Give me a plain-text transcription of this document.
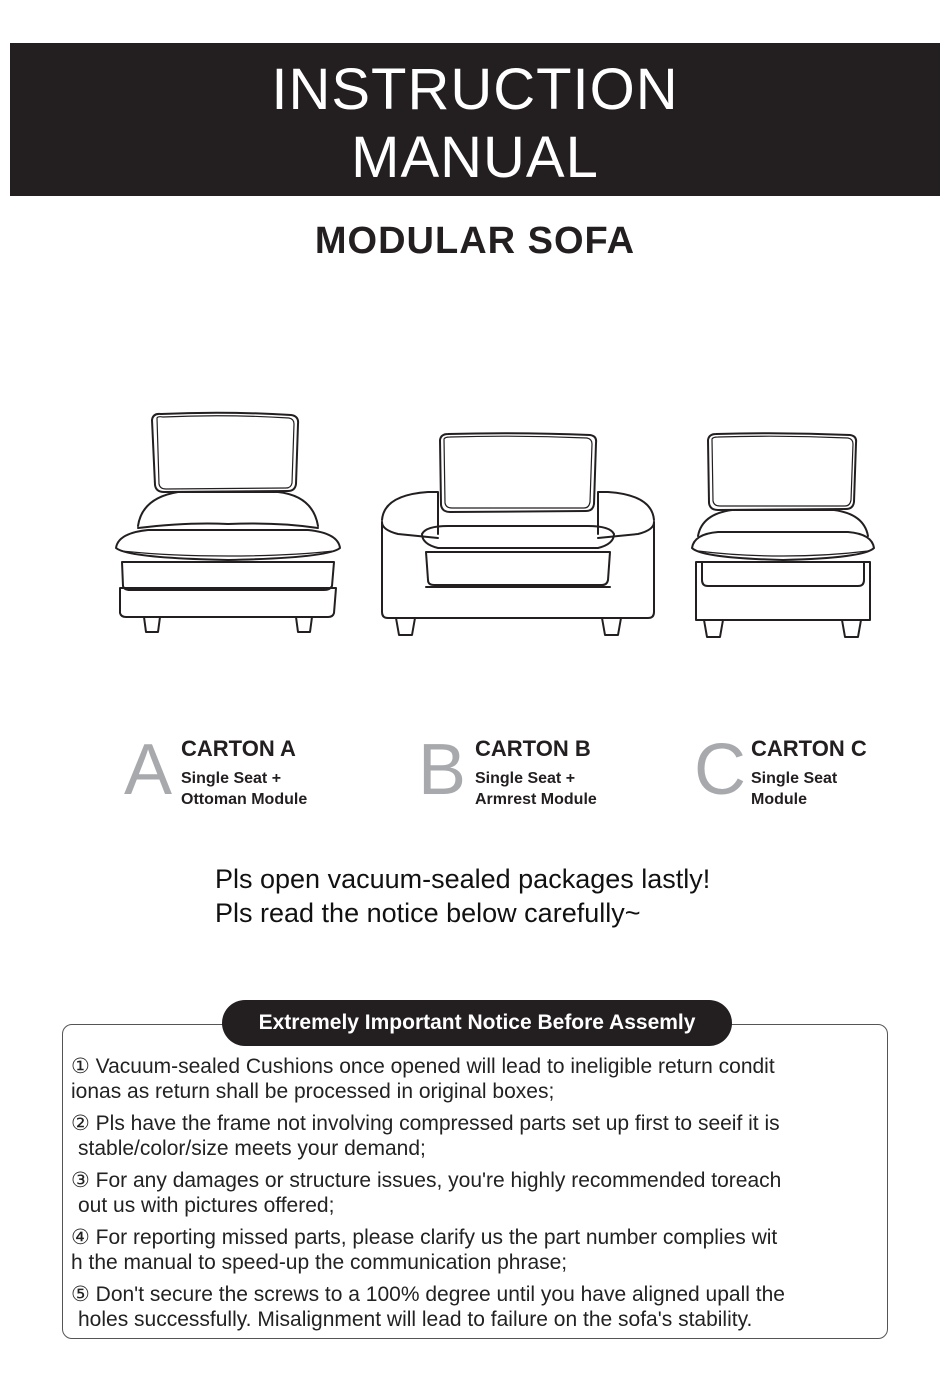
INSTRUCTION
MANUAL
MODULAR SOFA
A CARTON A
Single Seat +
Ottoman Module B CARTON B
Single Seat +
Armrest Module C CARTON C
Single Seat
Module
Pls open vacuum-sealed packages lastly!
Pls read the notice below carefully~
Extremely Important Notice Before Assemly
① Vacuum-sealed Cushions once opened will lead to ineligible return condit
ionas as return shall be processed in original boxes;
② Pls have the frame not involving compressed parts set up first to seeif it is
stable/color/size meets your demand;
③ For any damages or structure issues, you're highly recommended toreach
out us with pictures offered;
④ For reporting missed parts, please clarify us the part number complies wit
h the manual to speed-up the communication phrase;
⑤ Don't secure the screws to a 100% degree until you have aligned upall the
holes successfully. Misalignment will lead to failure on the sofa's stability.
